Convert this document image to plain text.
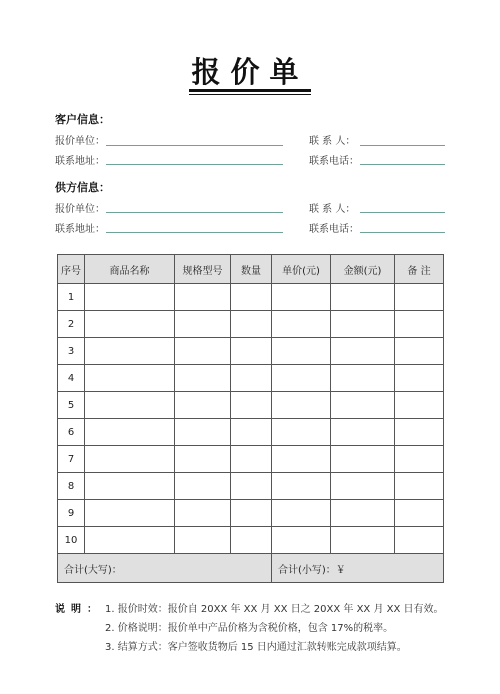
报价单
客户信息：
报价单位：	联 系 人：
联系地址：	联系电话：
供方信息：
报价单位：	联 系 人：
联系地址：	联系电话：
序号	商品名称	规格型号	数量	单价(元)	金额(元)	备 注
1						
2						
3						
4						
5						
6						
7						
8						
9						
10						
合计(大写)：				合计(小写)：￥		
说明： 1. 报价时效：报价自 20XX 年 XX 月 XX 日之 20XX 年 XX 月 XX 日有效。
2. 价格说明：报价单中产品价格为含税价格，包含 17%的税率。
3. 结算方式：客户签收货物后 15 日内通过汇款转账完成款项结算。
